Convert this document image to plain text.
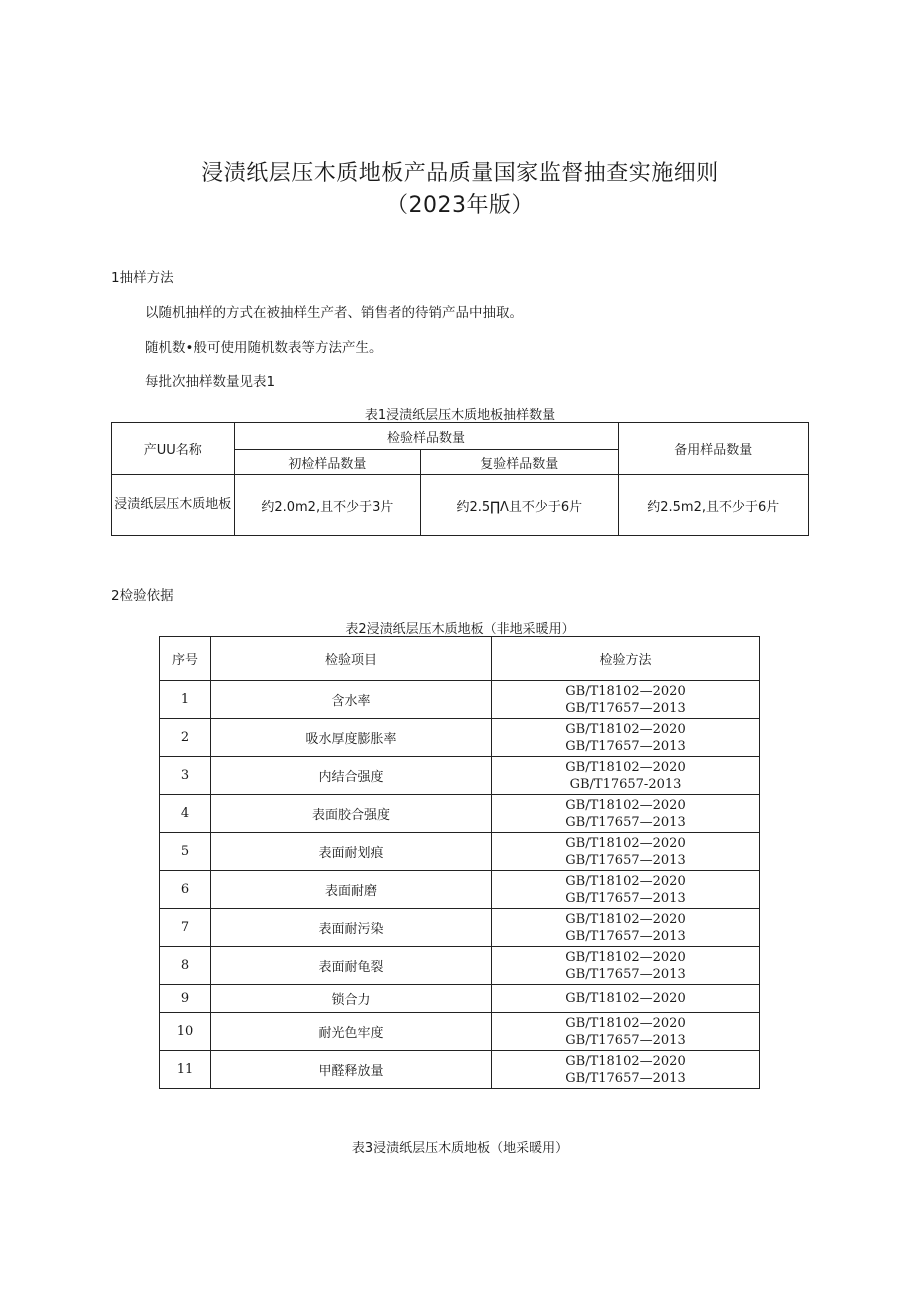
浸渍纸层压木质地板产品质量国家监督抽查实施细则
（2023年版）
1抽样方法
以随机抽样的方式在被抽样生产者、销售者的待销产品中抽取。
随机数•般可使用随机数表等方法产生。
每批次抽样数量见表1
表1浸渍纸层压木质地板抽样数量
产UU名称	检验样品数量		备用样品数量
	初检样品数量	复验样品数量	
浸渍纸层压木质地板	约2.0m2,且不少于3片	约2.5∏Λ且不少于6片	约2.5m2,且不少于6片
2检验依据
表2浸渍纸层压木质地板（非地采暖用）
序号	检验项目	检验方法
1	含水率	GB/T18102—2020
GB/T17657—2013

2	吸水厚度膨胀率	GB/T18102—2020
GB/T17657—2013

3	内结合强度	GB/T18102—2020
GB/T17657-2013

4	表面胶合强度	GB/T18102—2020
GB/T17657—2013

5	表面耐划痕	GB/T18102—2020
GB/T17657—2013

6	表面耐磨	GB/T18102—2020
GB/T17657—2013

7	表面耐污染	GB/T18102—2020
GB/T17657—2013

8	表面耐龟裂	GB/T18102—2020
GB/T17657—2013

9	锁合力	GB/T18102—2020

10	耐光色牢度	GB/T18102—2020
GB/T17657—2013

11	甲醛释放量	GB/T18102—2020
GB/T17657—2013
表3浸渍纸层压木质地板（地采暖用）
